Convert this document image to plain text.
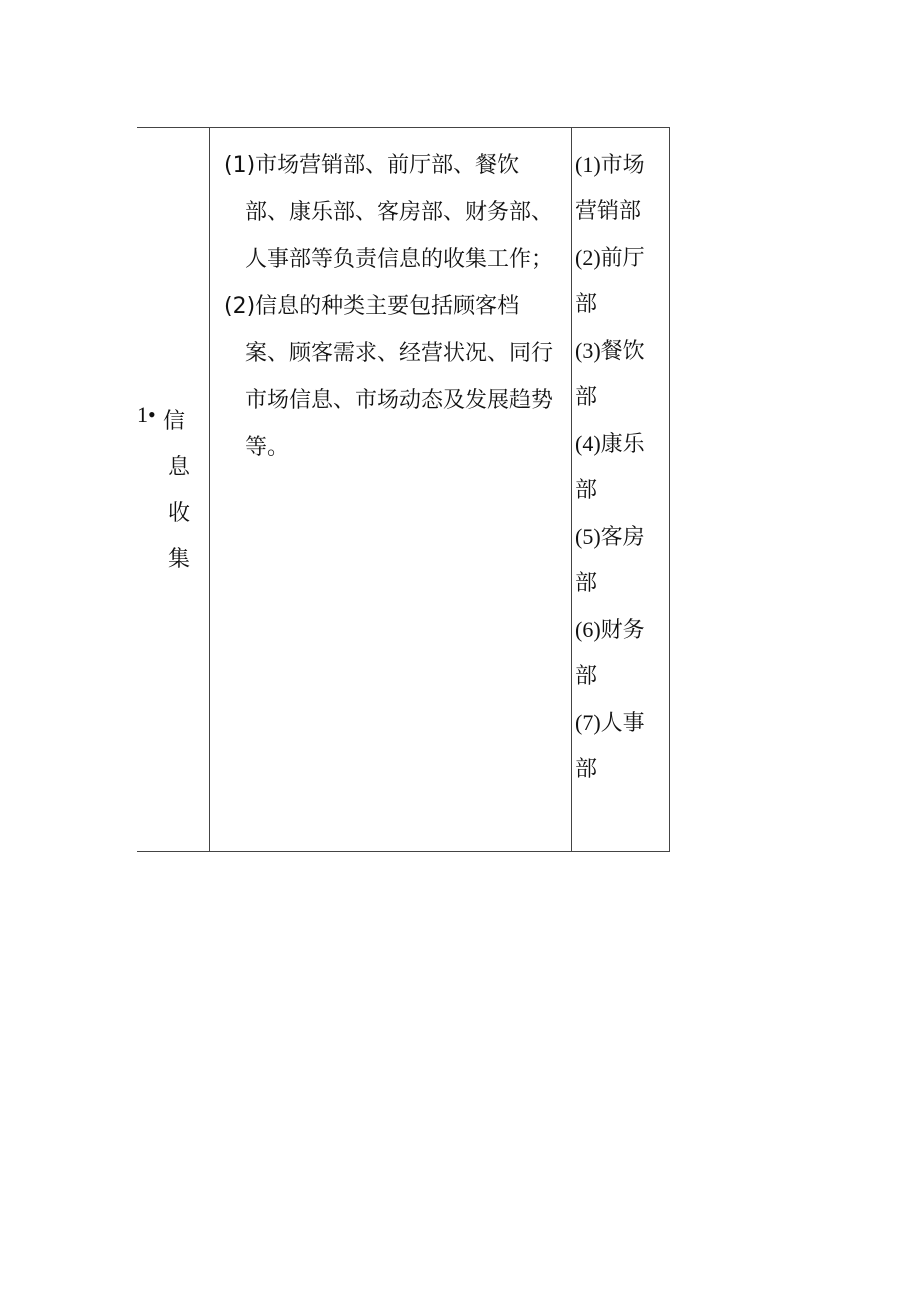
1• 信
息
收
集

(1)市场营销部、前厅部、餐饮部、康乐部、客房部、财务部、人事部等负责信息的收集工作；

(2)信息的种类主要包括顾客档案、顾客需求、经营状况、同行市场信息、市场动态及发展趋势等。

(1)市场营销部

(2)前厅部

(3)餐饮部

(4)康乐部

(5)客房部

(6)财务部

(7)人事部
